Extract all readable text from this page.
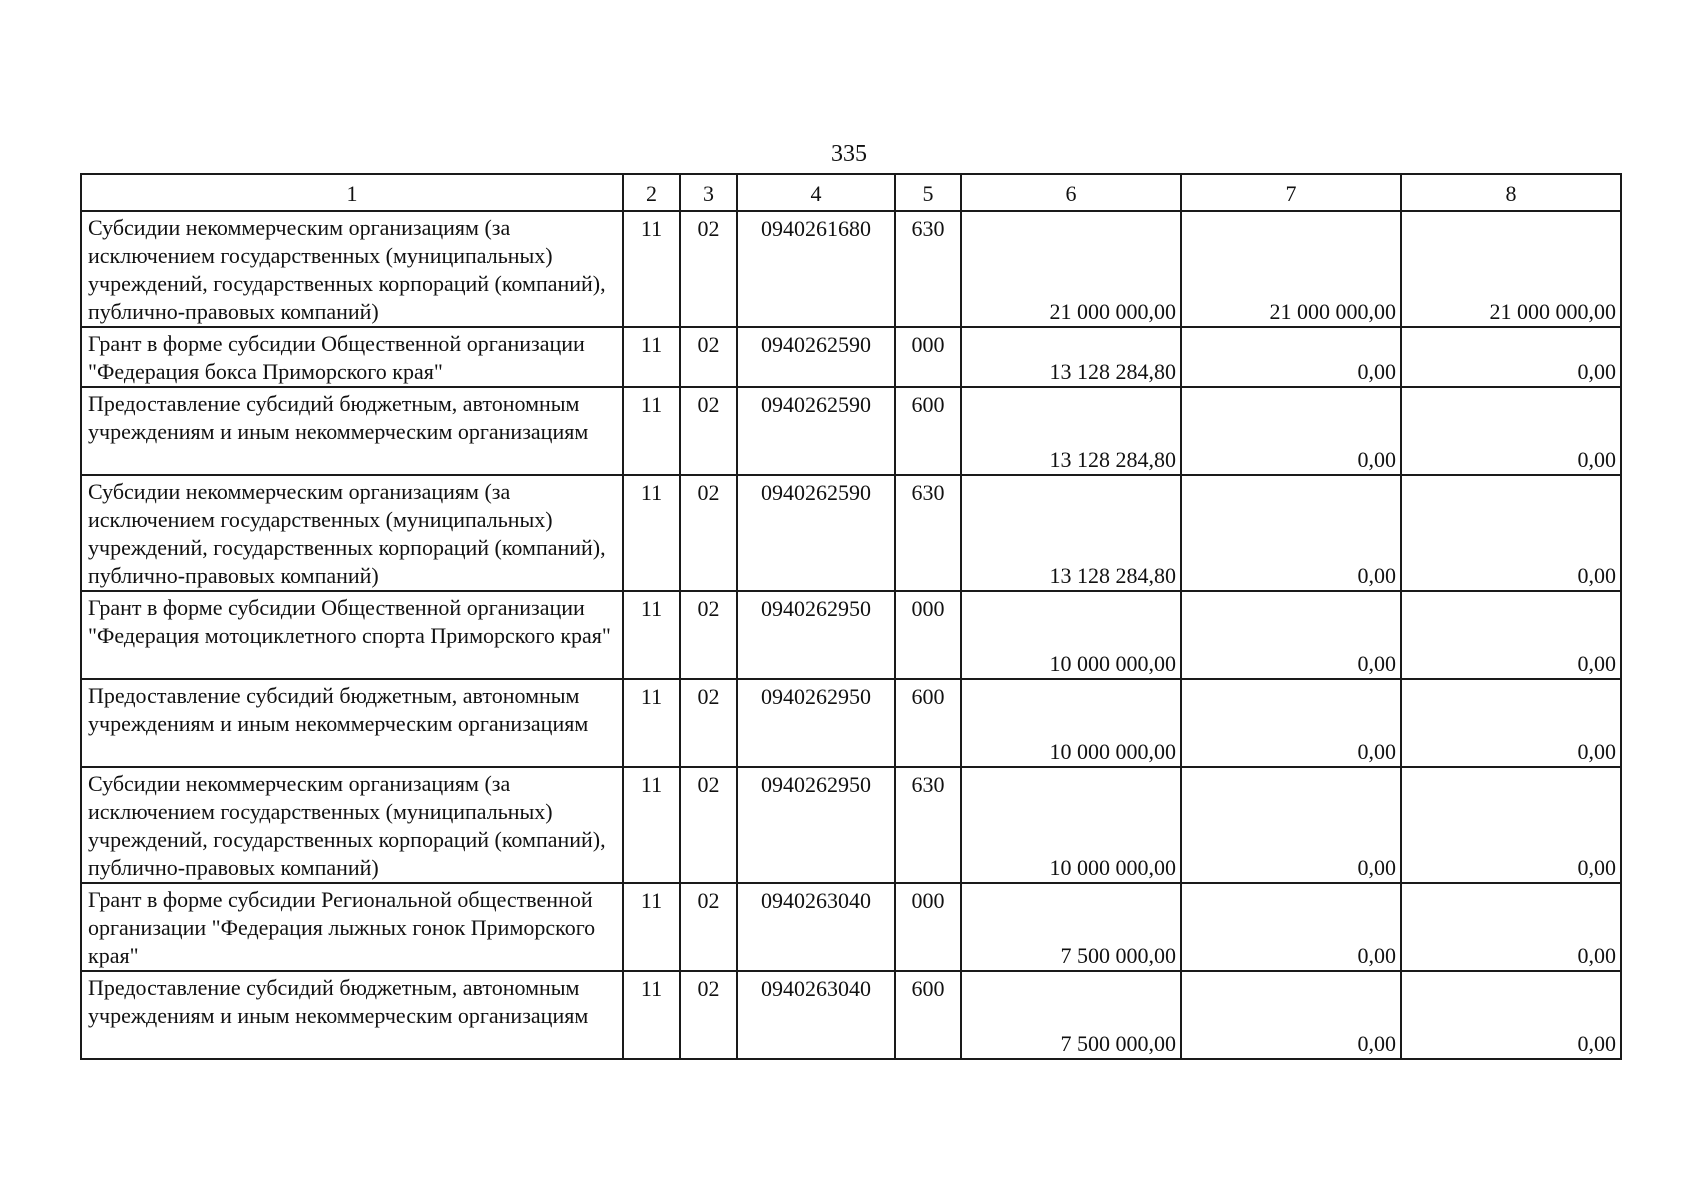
335
1	2	3	4	5	6	7	8
Субсидии некоммерческим организациям (за исключением государственных (муниципальных) учреждений, государственных корпораций (компаний), публично-правовых компаний)	11	02	0940261680	630	21 000 000,00	21 000 000,00	21 000 000,00
Грант в форме субсидии Общественной организации "Федерация бокса Приморского края"	11	02	0940262590	000	13 128 284,80	0,00	0,00
Предоставление субсидий бюджетным, автономным учреждениям и иным некоммерческим организациям	11	02	0940262590	600	13 128 284,80	0,00	0,00
Субсидии некоммерческим организациям (за исключением государственных (муниципальных) учреждений, государственных корпораций (компаний), публично-правовых компаний)	11	02	0940262590	630	13 128 284,80	0,00	0,00
Грант в форме субсидии Общественной организации "Федерация мотоциклетного спорта Приморского края"	11	02	0940262950	000	10 000 000,00	0,00	0,00
Предоставление субсидий бюджетным, автономным учреждениям и иным некоммерческим организациям	11	02	0940262950	600	10 000 000,00	0,00	0,00
Субсидии некоммерческим организациям (за исключением государственных (муниципальных) учреждений, государственных корпораций (компаний), публично-правовых компаний)	11	02	0940262950	630	10 000 000,00	0,00	0,00
Грант в форме субсидии Региональной общественной организации "Федерация лыжных гонок Приморского края"	11	02	0940263040	000	7 500 000,00	0,00	0,00
Предоставление субсидий бюджетным, автономным учреждениям и иным некоммерческим организациям	11	02	0940263040	600	7 500 000,00	0,00	0,00
